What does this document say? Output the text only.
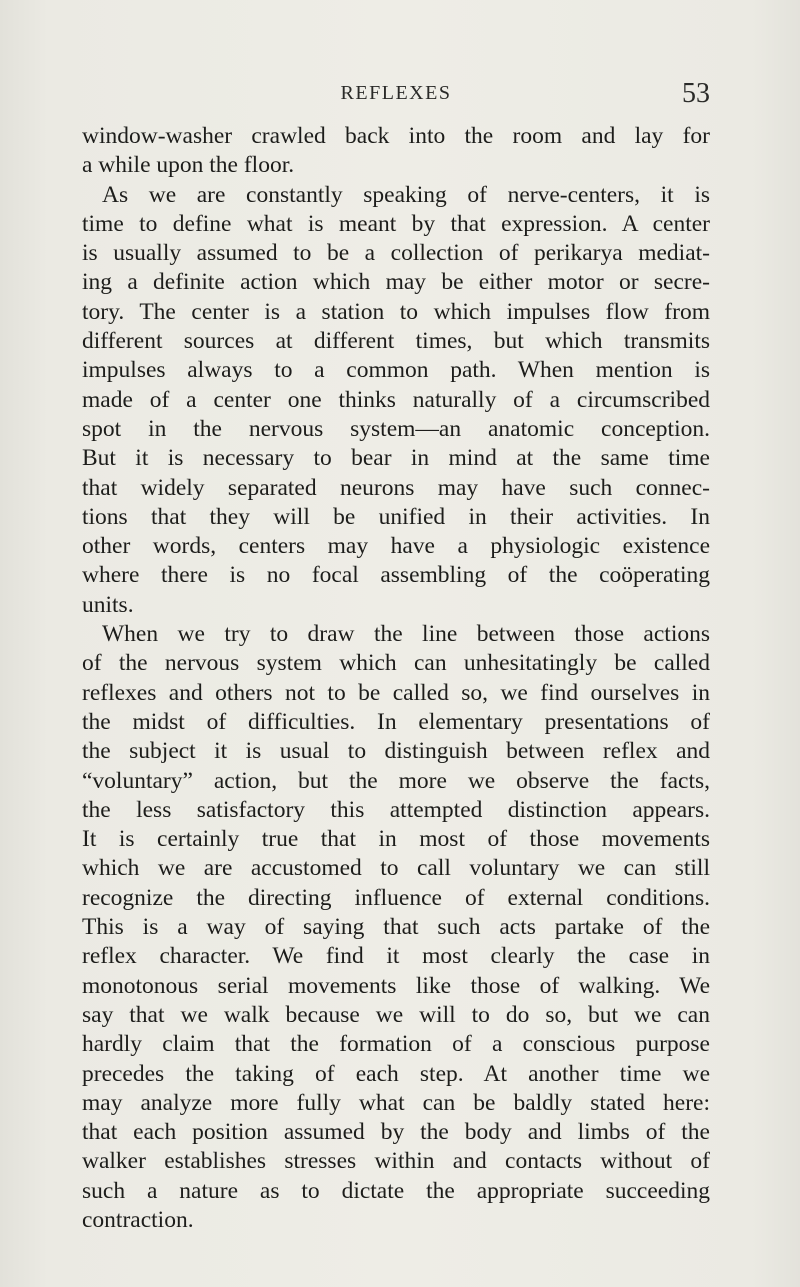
REFLEXES	53
window-washer crawled back into the room and lay for
a while upon the floor.
As we are constantly speaking of nerve-centers, it is
time to define what is meant by that expression. A center
is usually assumed to be a collection of perikarya mediat-
ing a definite action which may be either motor or secre-
tory. The center is a station to which impulses flow from
different sources at different times, but which transmits
impulses always to a common path. When mention is
made of a center one thinks naturally of a circumscribed
spot in the nervous system—an anatomic conception.
But it is necessary to bear in mind at the same time
that widely separated neurons may have such connec-
tions that they will be unified in their activities. In
other words, centers may have a physiologic existence
where there is no focal assembling of the coöperating
units.
When we try to draw the line between those actions
of the nervous system which can unhesitatingly be called
reflexes and others not to be called so, we find ourselves in
the midst of difficulties. In elementary presentations of
the subject it is usual to distinguish between reflex and
“voluntary” action, but the more we observe the facts,
the less satisfactory this attempted distinction appears.
It is certainly true that in most of those movements
which we are accustomed to call voluntary we can still
recognize the directing influence of external conditions.
This is a way of saying that such acts partake of the
reflex character. We find it most clearly the case in
monotonous serial movements like those of walking. We
say that we walk because we will to do so, but we can
hardly claim that the formation of a conscious purpose
precedes the taking of each step. At another time we
may analyze more fully what can be baldly stated here:
that each position assumed by the body and limbs of the
walker establishes stresses within and contacts without of
such a nature as to dictate the appropriate succeeding
contraction.
